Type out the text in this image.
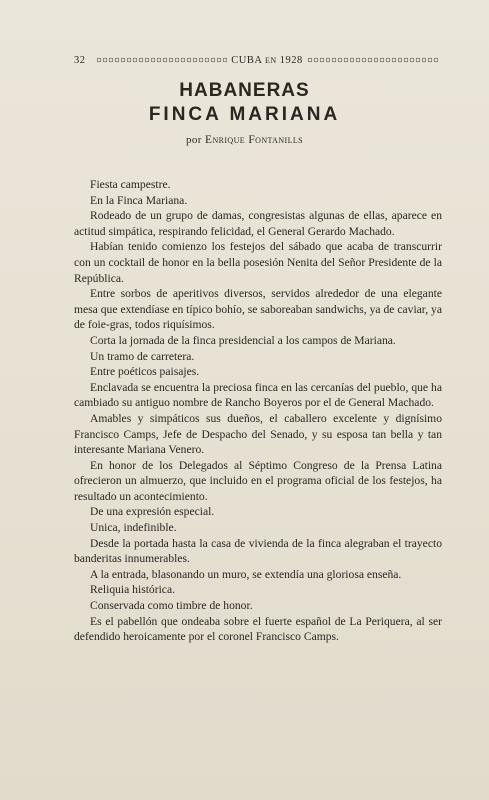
32	CUBA EN 1928
HABANERAS
FINCA MARIANA
por Enrique Fontanills

Fiesta campestre.

En la Finca Mariana.

Rodeado de un grupo de damas, congresistas algunas de ellas, aparece en actitud simpática, respirando felicidad, el General Gerardo Machado.

Habían tenido comienzo los festejos del sábado que acaba de transcurrir con un cocktail de honor en la bella posesión Nenita del Señor Presidente de la República.

Entre sorbos de aperitivos diversos, servidos alrededor de una elegante mesa que extendíase en típico bohío, se saboreaban sandwichs, ya de caviar, ya de foie-gras, todos riquísimos.

Corta la jornada de la finca presidencial a los campos de Mariana.

Un tramo de carretera.

Entre poéticos paisajes.

Enclavada se encuentra la preciosa finca en las cercanías del pueblo, que ha cambiado su antiguo nombre de Rancho Boyeros por el de General Machado.

Amables y simpáticos sus dueños, el caballero excelente y dignísimo Francisco Camps, Jefe de Despacho del Senado, y su esposa tan bella y tan interesante Mariana Venero.

En honor de los Delegados al Séptimo Congreso de la Prensa Latina ofrecieron un almuerzo, que incluido en el programa oficial de los festejos, ha resultado un acontecimiento.

De una expresión especial.

Unica, indefinible.

Desde la portada hasta la casa de vivienda de la finca alegraban el trayecto banderitas innumerables.

A la entrada, blasonando un muro, se extendía una gloriosa enseña.

Reliquia histórica.

Conservada como timbre de honor.

Es el pabellón que ondeaba sobre el fuerte español de La Periquera, al ser defendido heroicamente por el coronel Francisco Camps.
